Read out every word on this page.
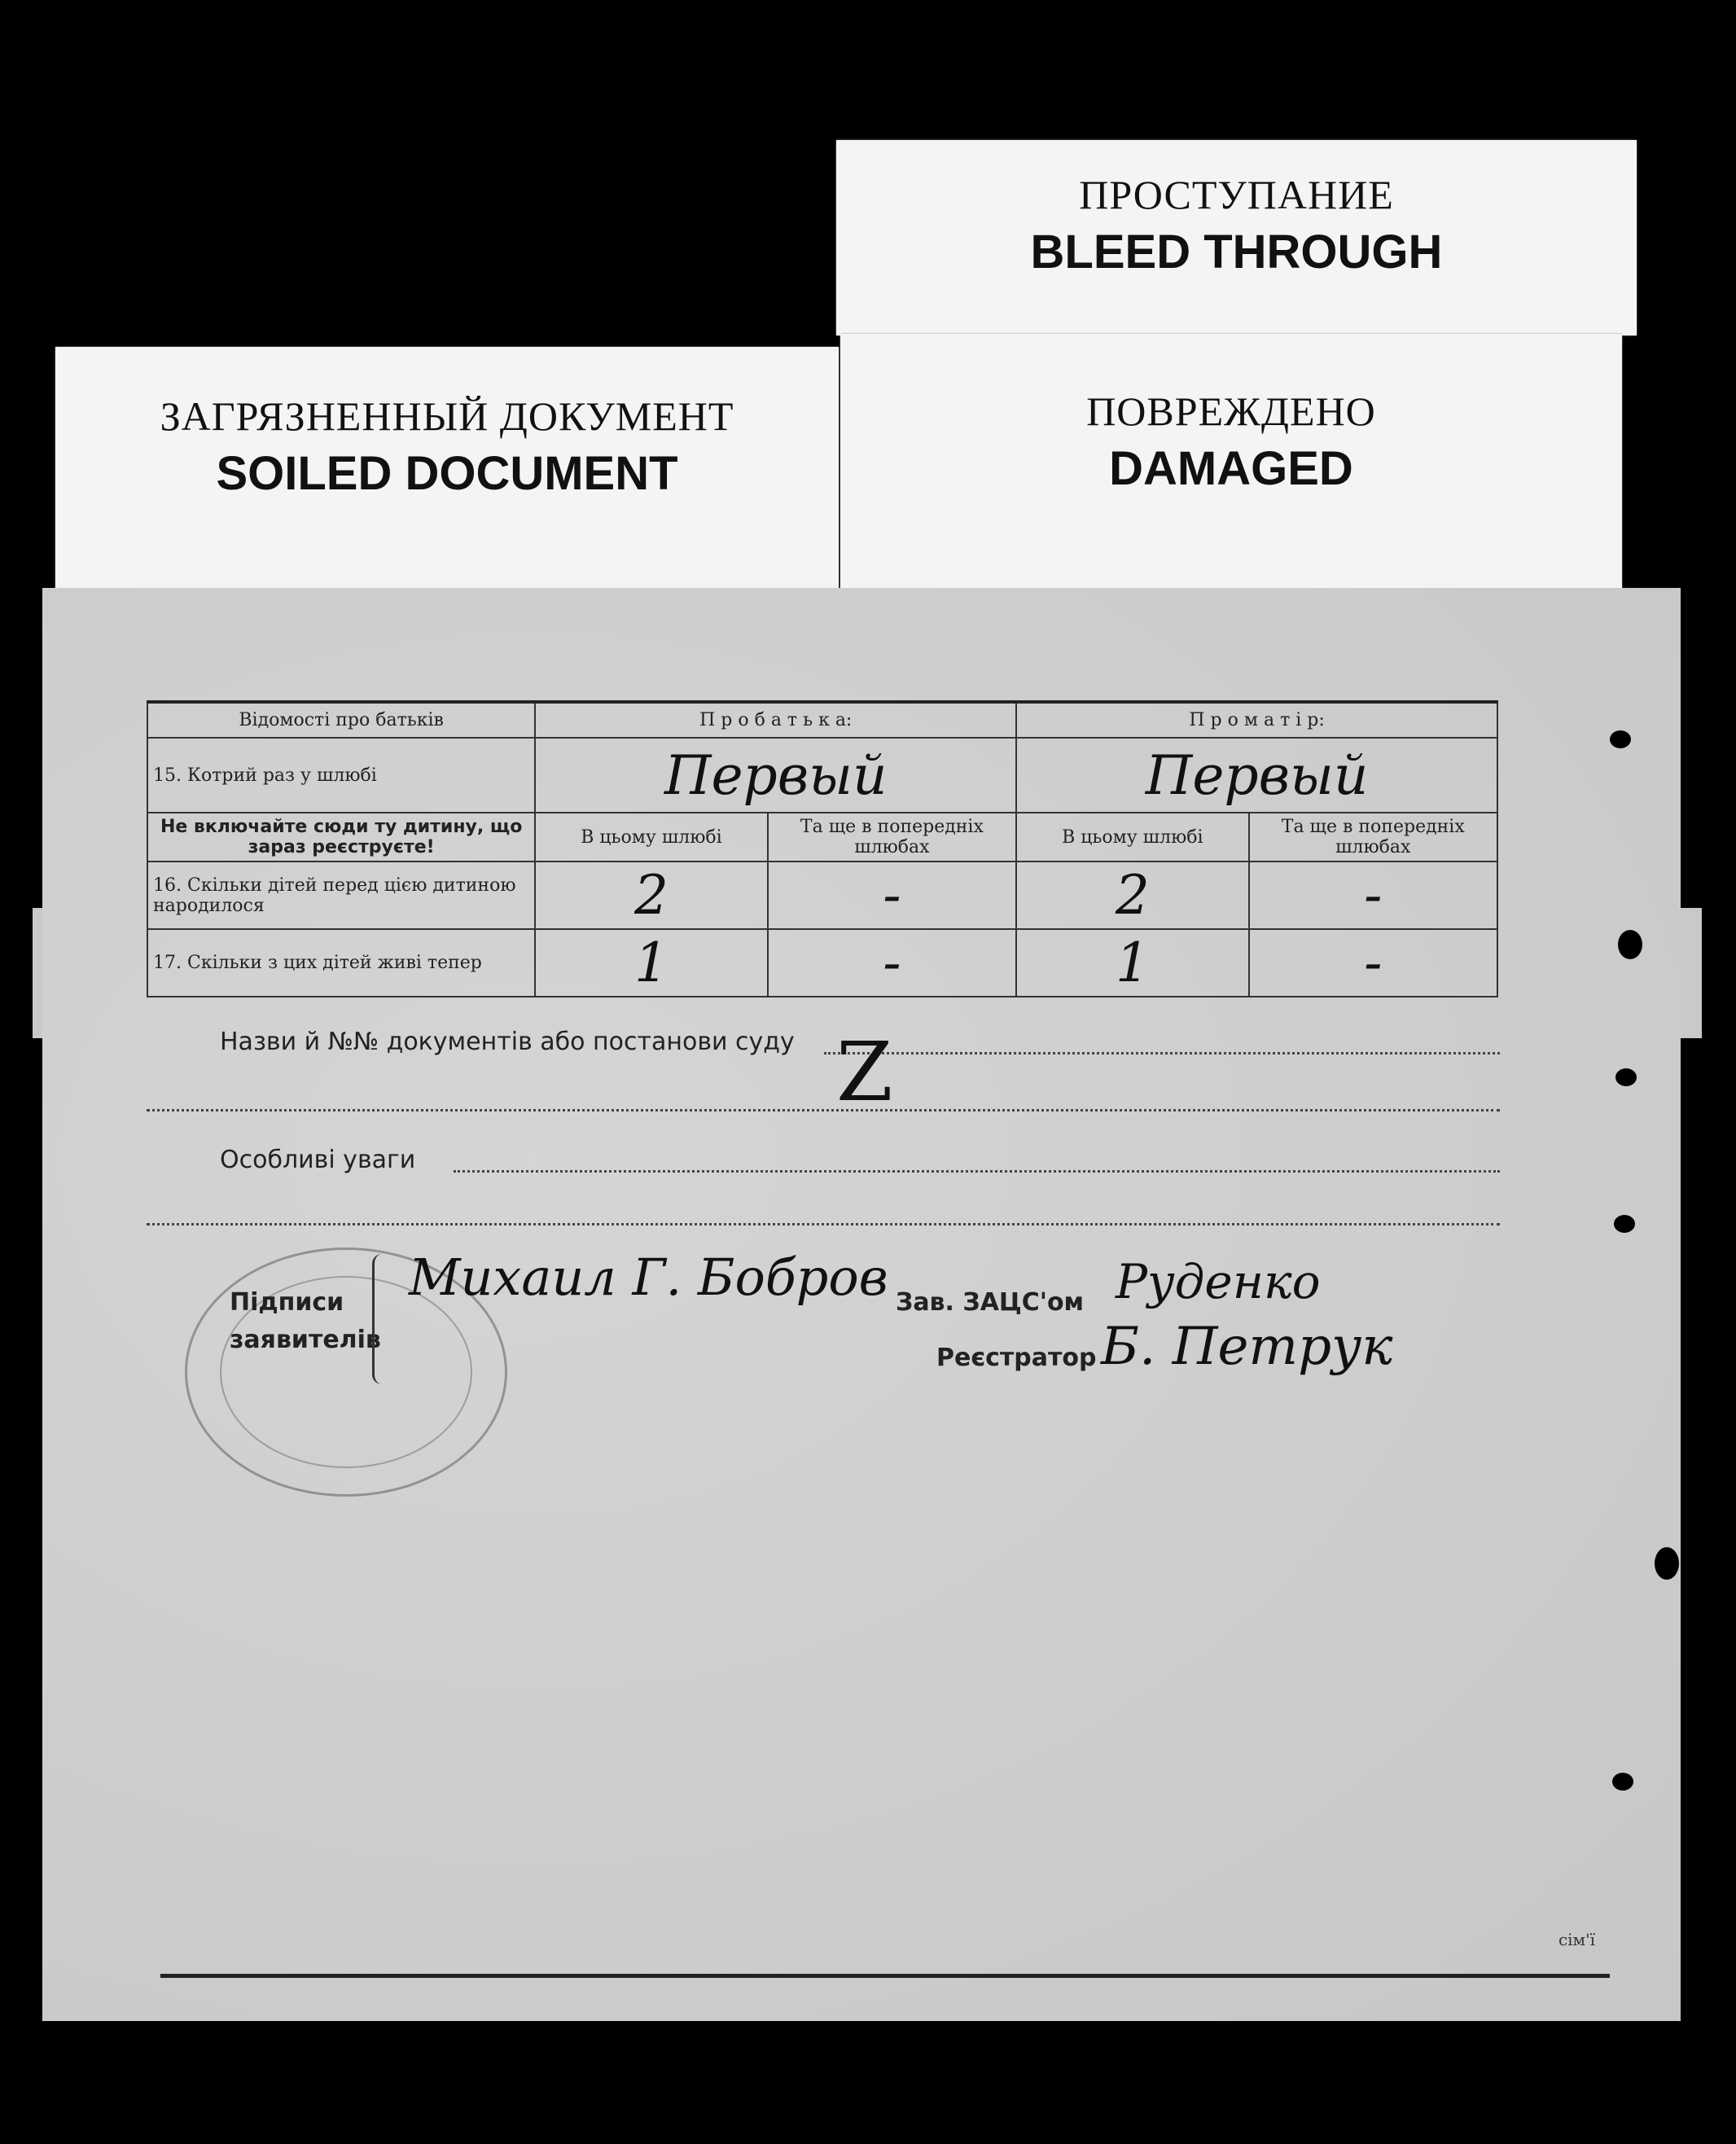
ПРОСТУПАНИЕ
BLEED THROUGH
ЗАГРЯЗНЕННЫЙ ДОКУМЕНТ
SOILED DOCUMENT
ПОВРЕЖДЕНО
DAMAGED
Відомості про батьків	П р о б а т ь к а:		П р о м а т і р:	
15. Котрий раз у шлюбі	Первый		Первый	
Не включайте сюди ту дитину, що зараз реєструєте!	В цьому шлюбі	Та ще в попередніх шлюбах	В цьому шлюбі	Та ще в попередніх шлюбах
16. Скільки дітей перед цією дитиною народилося	2	-	2	-
17. Скільки з цих дітей живі тепер	1	-	1	-
Назви й №№ документів або постанови суду Z
Особливі уваги
Підписи
заявителів
Михаил Г. Бобров Зав. ЗАЦС'ом Руденко
Реєстратор Б. Петрук
сім'ї
